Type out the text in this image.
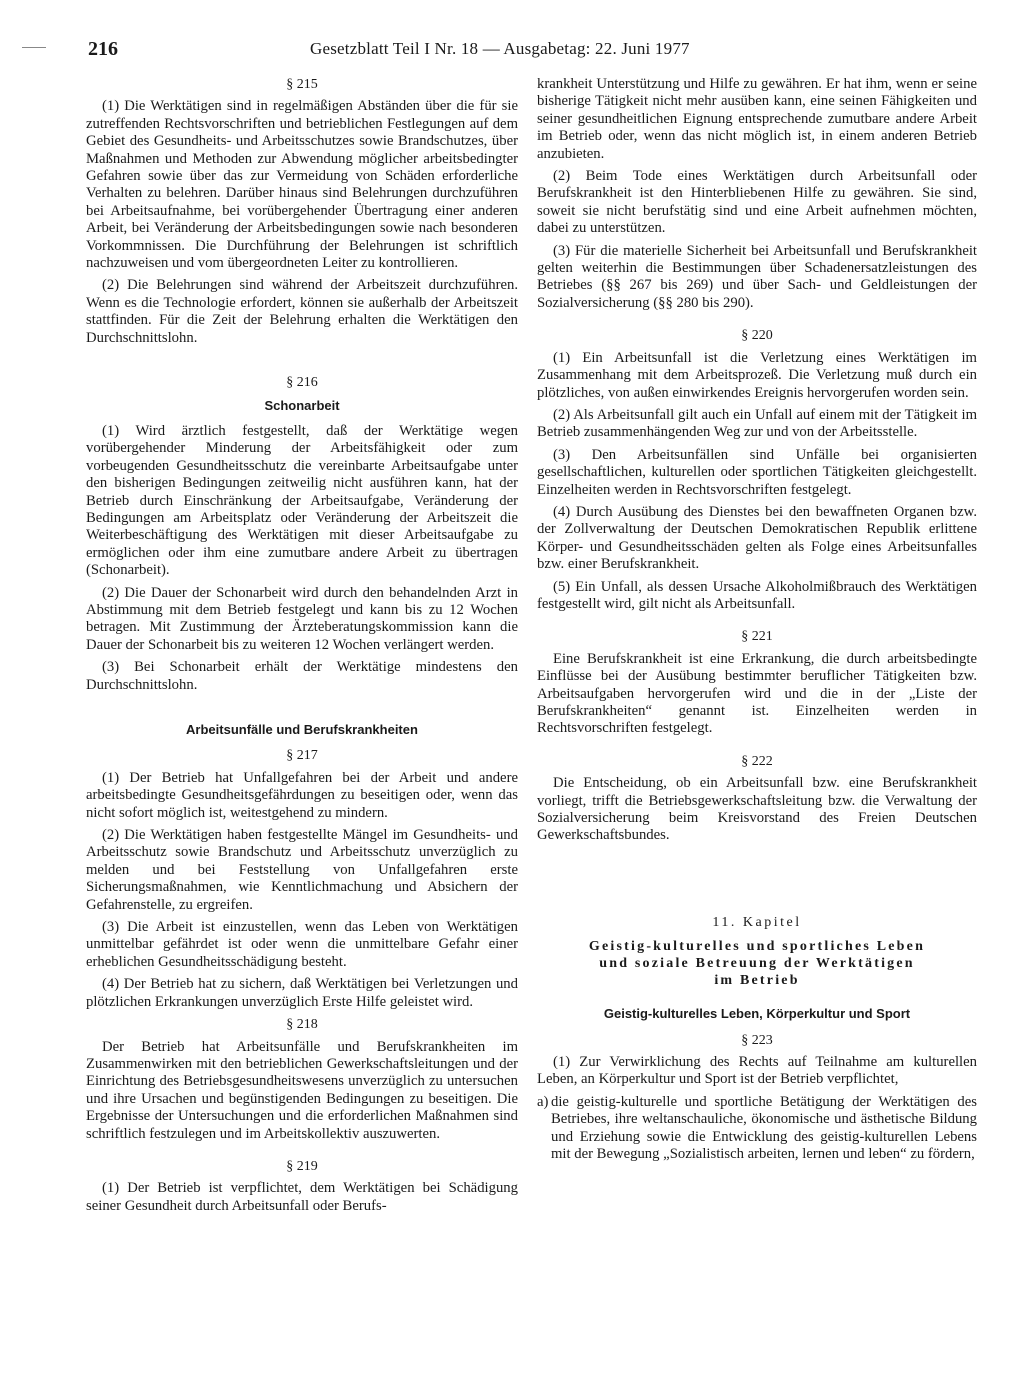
216	Gesetzblatt Teil I Nr. 18 — Ausgabetag: 22. Juni 1977
§ 215

(1) Die Werktätigen sind in regelmäßigen Abständen über die für sie zutreffenden Rechtsvorschriften und betrieblichen Festlegungen auf dem Gebiet des Gesundheits- und Arbeitsschutzes sowie Brandschutzes, über Maßnahmen und Methoden zur Abwendung möglicher arbeitsbedingter Gefahren sowie über das zur Vermeidung von Schäden erforderliche Verhalten zu belehren. Darüber hinaus sind Belehrungen durchzuführen bei Arbeitsaufnahme, bei vorübergehender Übertragung einer anderen Arbeit, bei Veränderung der Arbeitsbedingungen sowie nach besonderen Vorkommnissen. Die Durchführung der Belehrungen ist schriftlich nachzuweisen und vom übergeordneten Leiter zu kontrollieren.

(2) Die Belehrungen sind während der Arbeitszeit durchzuführen. Wenn es die Technologie erfordert, können sie außerhalb der Arbeitszeit stattfinden. Für die Zeit der Belehrung erhalten die Werktätigen den Durchschnittslohn.

§ 216
Schonarbeit

(1) Wird ärztlich festgestellt, daß der Werktätige wegen vorübergehender Minderung der Arbeitsfähigkeit oder zum vorbeugenden Gesundheitsschutz die vereinbarte Arbeitsaufgabe unter den bisherigen Bedingungen zeitweilig nicht ausführen kann, hat der Betrieb durch Einschränkung der Arbeitsaufgabe, Veränderung der Bedingungen am Arbeitsplatz oder Veränderung der Arbeitszeit die Weiterbeschäftigung des Werktätigen mit dieser Arbeitsaufgabe zu ermöglichen oder ihm eine zumutbare andere Arbeit zu übertragen (Schonarbeit).

(2) Die Dauer der Schonarbeit wird durch den behandelnden Arzt in Abstimmung mit dem Betrieb festgelegt und kann bis zu 12 Wochen betragen. Mit Zustimmung der Ärzteberatungskommission kann die Dauer der Schonarbeit bis zu weiteren 12 Wochen verlängert werden.

(3) Bei Schonarbeit erhält der Werktätige mindestens den Durchschnittslohn.

Arbeitsunfälle und Berufskrankheiten
§ 217

(1) Der Betrieb hat Unfallgefahren bei der Arbeit und andere arbeitsbedingte Gesundheitsgefährdungen zu beseitigen oder, wenn das nicht sofort möglich ist, weitestgehend zu mindern.

(2) Die Werktätigen haben festgestellte Mängel im Gesundheits- und Arbeitsschutz sowie Brandschutz und Arbeitsschutz unverzüglich zu melden und bei Feststellung von Unfallgefahren erste Sicherungsmaßnahmen, wie Kenntlichmachung und Absichern der Gefahrenstelle, zu ergreifen.

(3) Die Arbeit ist einzustellen, wenn das Leben von Werktätigen unmittelbar gefährdet ist oder wenn die unmittelbare Gefahr einer erheblichen Gesundheitsschädigung besteht.

(4) Der Betrieb hat zu sichern, daß Werktätigen bei Verletzungen und plötzlichen Erkrankungen unverzüglich Erste Hilfe geleistet wird.

§ 218

Der Betrieb hat Arbeitsunfälle und Berufskrankheiten im Zusammenwirken mit den betrieblichen Gewerkschaftsleitungen und der Einrichtung des Betriebsgesundheitswesens unverzüglich zu untersuchen und ihre Ursachen und begünstigenden Bedingungen zu beseitigen. Die Ergebnisse der Untersuchungen und die erforderlichen Maßnahmen sind schriftlich festzulegen und im Arbeitskollektiv auszuwerten.

§ 219

(1) Der Betrieb ist verpflichtet, dem Werktätigen bei Schädigung seiner Gesundheit durch Arbeitsunfall oder Berufs-

krankheit Unterstützung und Hilfe zu gewähren. Er hat ihm, wenn er seine bisherige Tätigkeit nicht mehr ausüben kann, eine seinen Fähigkeiten und seiner gesundheitlichen Eignung entsprechende zumutbare andere Arbeit im Betrieb oder, wenn das nicht möglich ist, in einem anderen Betrieb anzubieten.

(2) Beim Tode eines Werktätigen durch Arbeitsunfall oder Berufskrankheit ist den Hinterbliebenen Hilfe zu gewähren. Sie sind, soweit sie nicht berufstätig sind und eine Arbeit aufnehmen möchten, dabei zu unterstützen.

(3) Für die materielle Sicherheit bei Arbeitsunfall und Berufskrankheit gelten weiterhin die Bestimmungen über Schadenersatzleistungen des Betriebes (§§ 267 bis 269) und über Sach- und Geldleistungen der Sozialversicherung (§§ 280 bis 290).

§ 220

(1) Ein Arbeitsunfall ist die Verletzung eines Werktätigen im Zusammenhang mit dem Arbeitsprozeß. Die Verletzung muß durch ein plötzliches, von außen einwirkendes Ereignis hervorgerufen worden sein.

(2) Als Arbeitsunfall gilt auch ein Unfall auf einem mit der Tätigkeit im Betrieb zusammenhängenden Weg zur und von der Arbeitsstelle.

(3) Den Arbeitsunfällen sind Unfälle bei organisierten gesellschaftlichen, kulturellen oder sportlichen Tätigkeiten gleichgestellt. Einzelheiten werden in Rechtsvorschriften festgelegt.

(4) Durch Ausübung des Dienstes bei den bewaffneten Organen bzw. der Zollverwaltung der Deutschen Demokratischen Republik erlittene Körper- und Gesundheitsschäden gelten als Folge eines Arbeitsunfalles bzw. einer Berufskrankheit.

(5) Ein Unfall, als dessen Ursache Alkoholmißbrauch des Werktätigen festgestellt wird, gilt nicht als Arbeitsunfall.

§ 221

Eine Berufskrankheit ist eine Erkrankung, die durch arbeitsbedingte Einflüsse bei der Ausübung bestimmter beruflicher Tätigkeiten bzw. Arbeitsaufgaben hervorgerufen wird und die in der „Liste der Berufskrankheiten“ genannt ist. Einzelheiten werden in Rechtsvorschriften festgelegt.

§ 222

Die Entscheidung, ob ein Arbeitsunfall bzw. eine Berufskrankheit vorliegt, trifft die Betriebsgewerkschaftsleitung bzw. die Verwaltung der Sozialversicherung beim Kreisvorstand des Freien Deutschen Gewerkschaftsbundes.

11. Kapitel
Geistig-kulturelles und sportliches Leben
und soziale Betreuung der Werktätigen
im Betrieb
Geistig-kulturelles Leben, Körperkultur und Sport
§ 223

(1) Zur Verwirklichung des Rechts auf Teilnahme am kulturellen Leben, an Körperkultur und Sport ist der Betrieb verpflichtet,

a) die geistig-kulturelle und sportliche Betätigung der Werktätigen des Betriebes, ihre weltanschauliche, ökonomische und ästhetische Bildung und Erziehung sowie die Entwicklung des geistig-kulturellen Lebens mit der Bewegung „Sozialistisch arbeiten, lernen und leben“ zu fördern,
